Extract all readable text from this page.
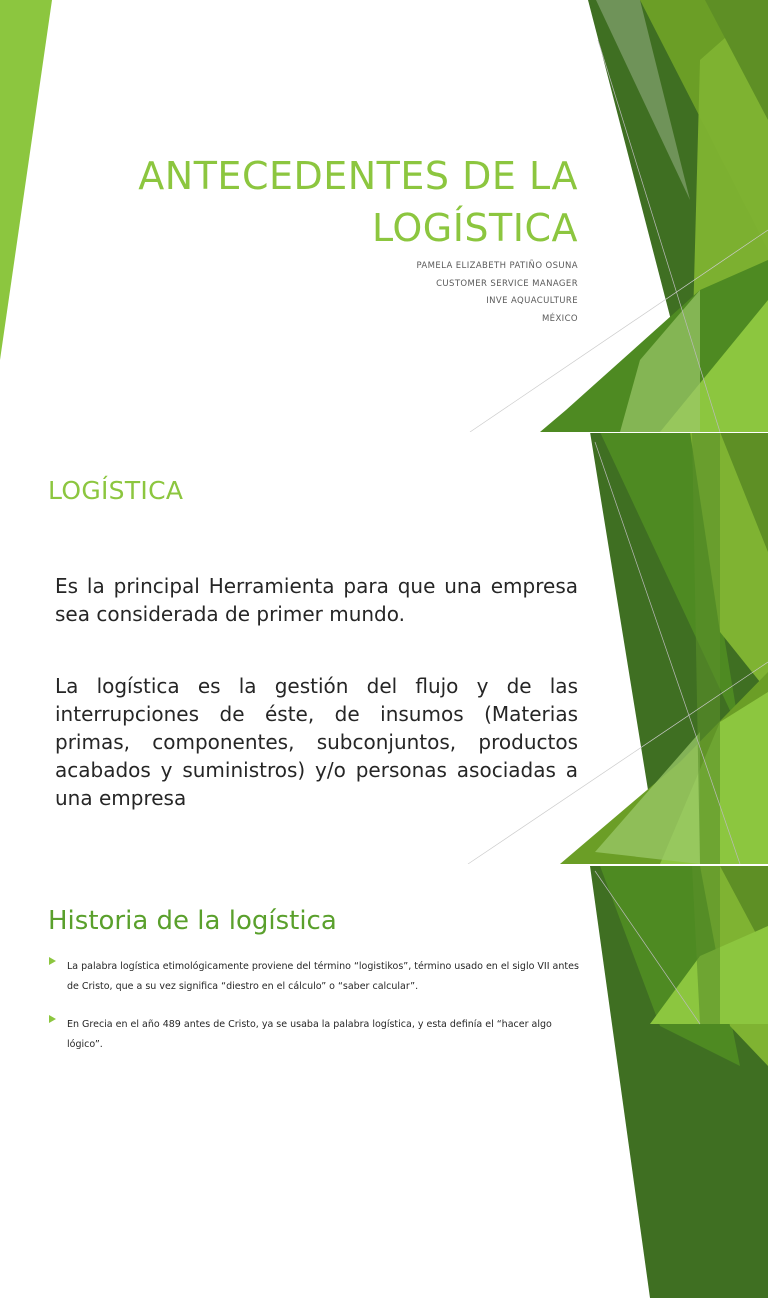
ANTECEDENTES DE LA
LOGÍSTICA
PAMELA ELIZABETH PATIÑO OSUNA
CUSTOMER SERVICE MANAGER
INVE AQUACULTURE
MÉXICO
LOGÍSTICA

Es la principal Herramienta para que una empresa sea considerada de primer mundo.

La logística es la gestión del flujo y de las interrupciones de éste, de insumos (Materias primas, componentes, subconjuntos, productos acabados y suministros) y/o personas asociadas a una empresa

Historia de la logística
La palabra logística etimológicamente proviene del término “logistikos”, término usado en el siglo VII antes de Cristo, que a su vez significa “diestro en el cálculo” o “saber calcular”.
En Grecia en el año 489 antes de Cristo, ya se usaba la palabra logística, y esta definía el “hacer algo lógico”.
